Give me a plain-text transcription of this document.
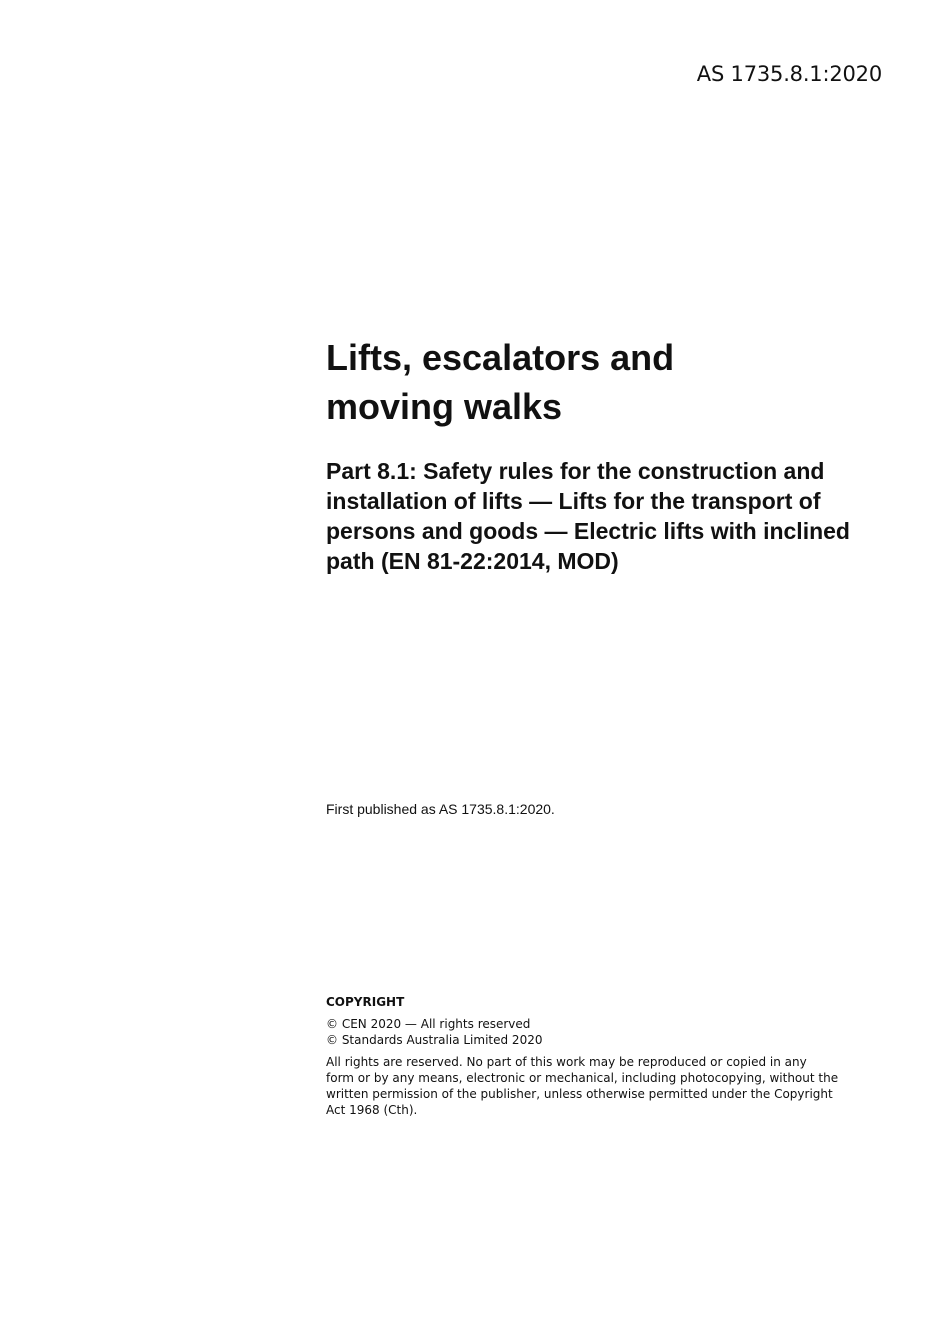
AS 1735.8.1:2020
Lifts, escalators and
moving walks
Part 8.1: Safety rules for the construction and
installation of lifts — Lifts for the transport of
persons and goods — Electric lifts with inclined
path (EN 81-22:2014, MOD)
First published as AS 1735.8.1:2020.

COPYRIGHT

© CEN 2020 — All rights reserved

© Standards Australia Limited 2020

All rights are reserved. No part of this work may be reproduced or copied in any
form or by any means, electronic or mechanical, including photocopying, without the
written permission of the publisher, unless otherwise permitted under the Copyright
Act 1968 (Cth).
